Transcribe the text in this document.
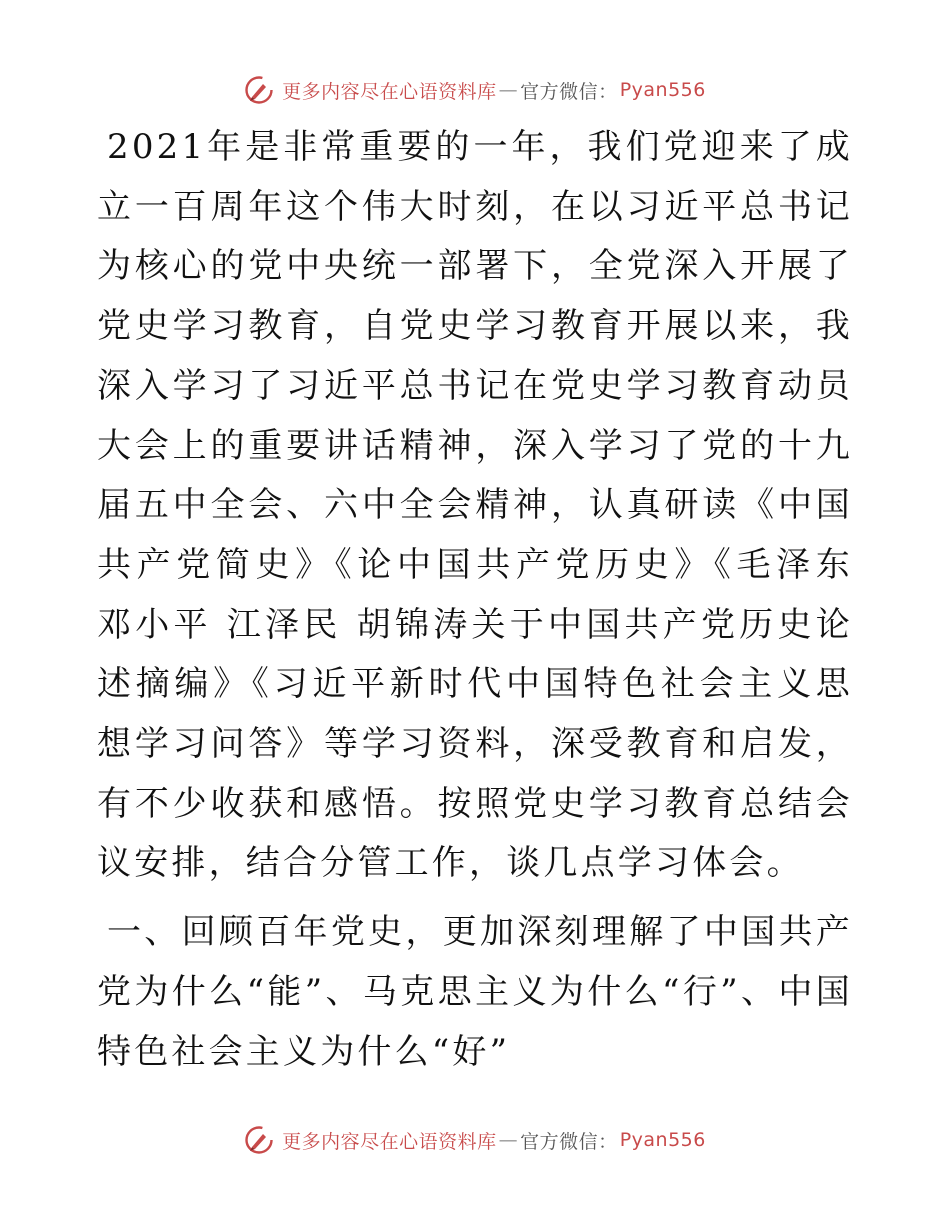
更多内容尽在心语资料库 — 官方微信： Pyan556

2021年是非常重要的一年，我们党迎来了成立一百周年这个伟大时刻，在以习近平总书记为核心的党中央统一部署下，全党深入开展了党史学习教育，自党史学习教育开展以来，我深入学习了习近平总书记在党史学习教育动员大会上的重要讲话精神，深入学习了党的十九届五中全会、六中全会精神，认真研读《中国共产党简史》《论中国共产党历史》《毛泽东 邓小平 江泽民 胡锦涛关于中国共产党历史论述摘编》《习近平新时代中国特色社会主义思想学习问答》等学习资料，深受教育和启发，有不少收获和感悟。按照党史学习教育总结会议安排，结合分管工作，谈几点学习体会。

一、回顾百年党史，更加深刻理解了中国共产党为什么“能”、马克思主义为什么“行”、中国特色社会主义为什么“好”

更多内容尽在心语资料库 — 官方微信： Pyan556
